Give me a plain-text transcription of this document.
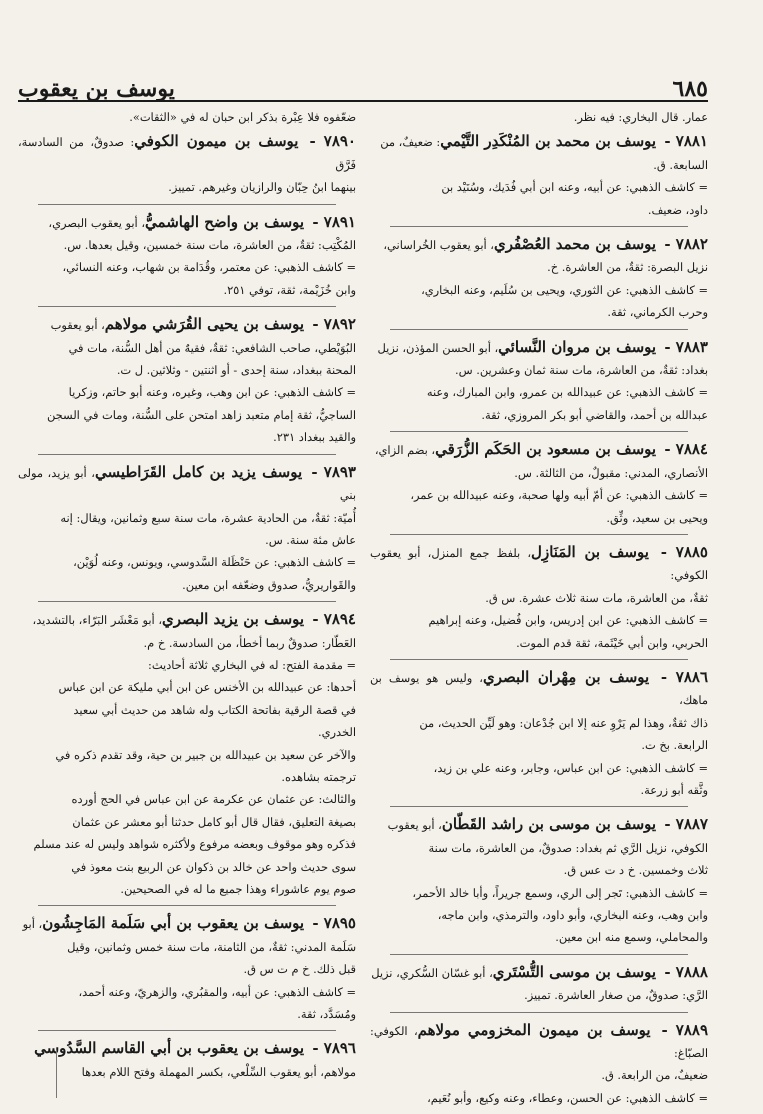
٦٨٥
يوسف بن يعقوب

عمار. قال البخاري: فيه نظر.

٧٨٨١ - يوسف بن محمد بن المُنْكَدِر التَّيْمي: ضعيفٌ، من

السابعة. ق.

= كاشف الذهبي: عن أبيه، وعنه ابن أبي فُدَيك، وسُنَيْد بن

داود، ضعيف.

٧٨٨٢ - يوسف بن محمد العُصْفُري، أبو يعقوب الخُراساني،

نزيل البصرة: ثقةٌ، من العاشرة. خ.

= كاشف الذهبي: عن الثوري، ويحيى بن سُلَيم، وعنه البخاري،

وحرب الكرماني، ثقة.

٧٨٨٣ - يوسف بن مروان النَّسائي، أبو الحسن المؤذن، نزيل

بغداد: ثقةٌ، من العاشرة، مات سنة ثمان وعشرين. س.

= كاشف الذهبي: عن عبيدالله بن عمرو، وابن المبارك، وعنه

عبدالله بن أحمد، والقاضي أبو بكر المروزي، ثقة.

٧٨٨٤ - يوسف بن مسعود بن الحَكَم الزُّرَقي، بضم الزاي،

الأنصاري، المدني: مقبولٌ، من الثالثة. س.

= كاشف الذهبي: عن أمّ أبيه ولها صحبة، وعنه عبيدالله بن عمر،

ويحيى بن سعيد، وثِّق.

٧٨٨٥ - يوسف بن المَنَازِل، بلفظ جمع المنزل، أبو يعقوب الكوفي:

ثقةٌ، من العاشرة، مات سنة ثلاث عشرة. س ق.

= كاشف الذهبي: عن ابن إدريس، وابن فُضيل، وعنه إبراهيم

الحربي، وابن أبي خَيْثَمة، ثقة قدم الموت.

٧٨٨٦ - يوسف بن مِهْران البصري، وليس هو يوسف بن ماهك،

ذاك ثقةٌ، وهذا لم يَرْوِ عنه إلا ابن جُدْعان: وهو لَيِّن الحديث، من

الرابعة. بخ ت.

= كاشف الذهبي: عن ابن عباس، وجابر، وعنه علي بن زيد،

وثَّقه أبو زرعة.

٧٨٨٧ - يوسف بن موسى بن راشد القَطّان، أبو يعقوب

الكوفي، نزيل الرَّي ثم بغداد: صدوقٌ، من العاشرة، مات سنة

ثلاث وخمسين. خ د ت عس ق.

= كاشف الذهبي: تَجر إلى الري، وسمع جريراً، وأبا خالد الأحمر،

وابن وهب، وعنه البخاري، وأبو داود، والترمذي، وابن ماجه،

والمحاملي، وسمع منه ابن معين.

٧٨٨٨ - يوسف بن موسى التُّسْتَري، أبو غسّان السُّكري، نزيل

الرَّي: صدوقٌ، من صغار العاشرة. تمييز.

٧٨٨٩ - يوسف بن ميمون المخزومي مولاهم، الكوفي: الصبّاغ:

ضعيفٌ، من الرابعة. ق.

= كاشف الذهبي: عن الحسن، وعطاء، وعنه وكيع، وأبو نُعَيم،

ضعّفوه فلا عِبْرة بذكر ابن حبان له في «الثقات».

٧٨٩٠ - يوسف بن ميمون الكوفي: صدوقٌ، من السادسة، فَرَّق

بينهما ابنُ حِبّان والرازيان وغيرهم. تمييز.

٧٨٩١ - يوسف بن واضح الهاشميُّ، أبو يعقوب البصري،

المُكْتِب: ثقةٌ، من العاشرة، مات سنة خمسين، وقيل بعدها. س.

= كاشف الذهبي: عن معتمر، وقُدَامة بن شهاب، وعنه النسائي،

وابن خُزَيْمة، ثقة، توفي ٢٥١.

٧٨٩٢ - يوسف بن يحيى القُرَشي مولاهم، أبو يعقوب

البُوَيْطي، صاحب الشافعي: ثقةٌ، فقيهٌ من أهل السُّنة، مات في

المحنة ببغداد، سنة إحدى - أو اثنتين - وثلاثين. ل ت.

= كاشف الذهبي: عن ابن وهب، وغيره، وعنه أبو حاتم، وزكريا

الساجيُّ، ثقة إمام متعبد زاهد امتحن على السُّنة، ومات في السجن

والقيد ببغداد ٢٣١.

٧٨٩٣ - يوسف يزيد بن كامل القَرَاطيسي، أبو يزيد، مولى بني

أُميّة: ثقةٌ، من الحادية عشرة، مات سنة سبع وثمانين، ويقال: إنه

عاش مئة سنة. س.

= كاشف الذهبي: عن حَنْظَلة السَّدوسي، ويونس، وعنه لُوَيْن،

والقَواريريُّ، صدوق وضعّفه ابن معين.

٧٨٩٤ - يوسف بن يزيد البصري، أبو مَعْشَر البَرّاء، بالتشديد،

العَطّار: صدوقٌ ربما أخطأ، من السادسة. خ م.

= مقدمة الفتح: له في البخاري ثلاثة أحاديث:

أحدها: عن عبيدالله بن الأخنس عن ابن أبي مليكة عن ابن عباس

في قصة الرقية بفاتحة الكتاب وله شاهد من حديث أبي سعيد

الخدري.

والآخر عن سعيد بن عبيدالله بن جبير بن حية، وقد تقدم ذكره في

ترجمته بشاهده.

والثالث: عن عثمان عن عكرمة عن ابن عباس في الحج أورده

بصيغة التعليق، فقال قال أبو كامل حدثنا أبو معشر عن عثمان

فذكره وهو موقوف وبعضه مرفوع ولأكثره شواهد وليس له عند مسلم

سوى حديث واحد عن خالد بن ذكوان عن الربيع بنت معوذ في

صوم يوم عاشوراء وهذا جميع ما له في الصحيحين.

٧٨٩٥ - يوسف بن يعقوب بن أبي سَلَمة المَاجِشُون، أبو

سَلَمة المدني: ثقةٌ، من الثامنة، مات سنة خمس وثمانين، وقيل

قبل ذلك. خ م ت س ق.

= كاشف الذهبي: عن أبيه، والمقبُري، والزهريّ، وعنه أحمد،

ومُسَدَّد، ثقة.

٧٨٩٦ - يوسف بن يعقوب بن أبي القاسم السَّدُوسي

مولاهم، أبو يعقوب السِّلْعي، بكسر المهملة وفتح اللام بعدها
